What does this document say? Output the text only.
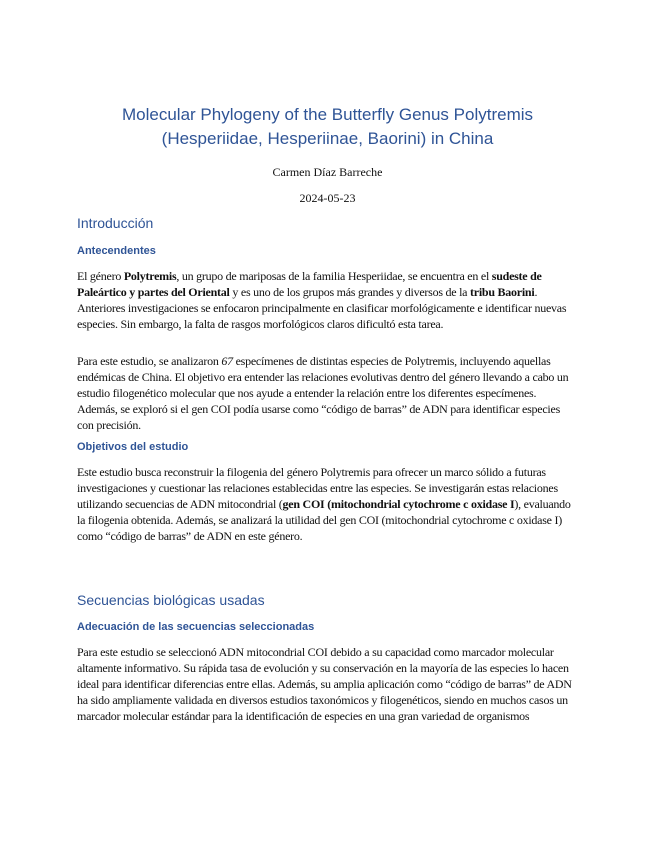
Molecular Phylogeny of the Butterfly Genus Polytremis
(Hesperiidae, Hesperiinae, Baorini) in China
Carmen Díaz Barreche
2024-05-23
Introducción
Antecendentes

El género Polytremis, un grupo de mariposas de la familia Hesperiidae, se encuentra en el sudeste de Paleártico y partes del Oriental y es uno de los grupos más grandes y diversos de la tribu Baorini. Anteriores investigaciones se enfocaron principalmente en clasificar morfológicamente e identificar nuevas especies. Sin embargo, la falta de rasgos morfológicos claros dificultó esta tarea.

Para este estudio, se analizaron 67 especímenes de distintas especies de Polytremis, incluyendo aquellas endémicas de China. El objetivo era entender las relaciones evolutivas dentro del género llevando a cabo un estudio filogenético molecular que nos ayude a entender la relación entre los diferentes especímenes. Además, se exploró si el gen COI podía usarse como “código de barras” de ADN para identificar especies con precisión.

Objetivos del estudio

Este estudio busca reconstruir la filogenia del género Polytremis para ofrecer un marco sólido a futuras investigaciones y cuestionar las relaciones establecidas entre las especies. Se investigarán estas relaciones utilizando secuencias de ADN mitocondrial (gen COI (mitochondrial cytochrome c oxidase I), evaluando la filogenia obtenida. Además, se analizará la utilidad del gen COI (mitochondrial cytochrome c oxidase I) como “código de barras” de ADN en este género.

Secuencias biológicas usadas
Adecuación de las secuencias seleccionadas

Para este estudio se seleccionó ADN mitocondrial COI debido a su capacidad como marcador molecular altamente informativo. Su rápida tasa de evolución y su conservación en la mayoría de las especies lo hacen ideal para identificar diferencias entre ellas. Además, su amplia aplicación como “código de barras” de ADN ha sido ampliamente validada en diversos estudios taxonómicos y filogenéticos, siendo en muchos casos un marcador molecular estándar para la identificación de especies en una gran variedad de organismos
